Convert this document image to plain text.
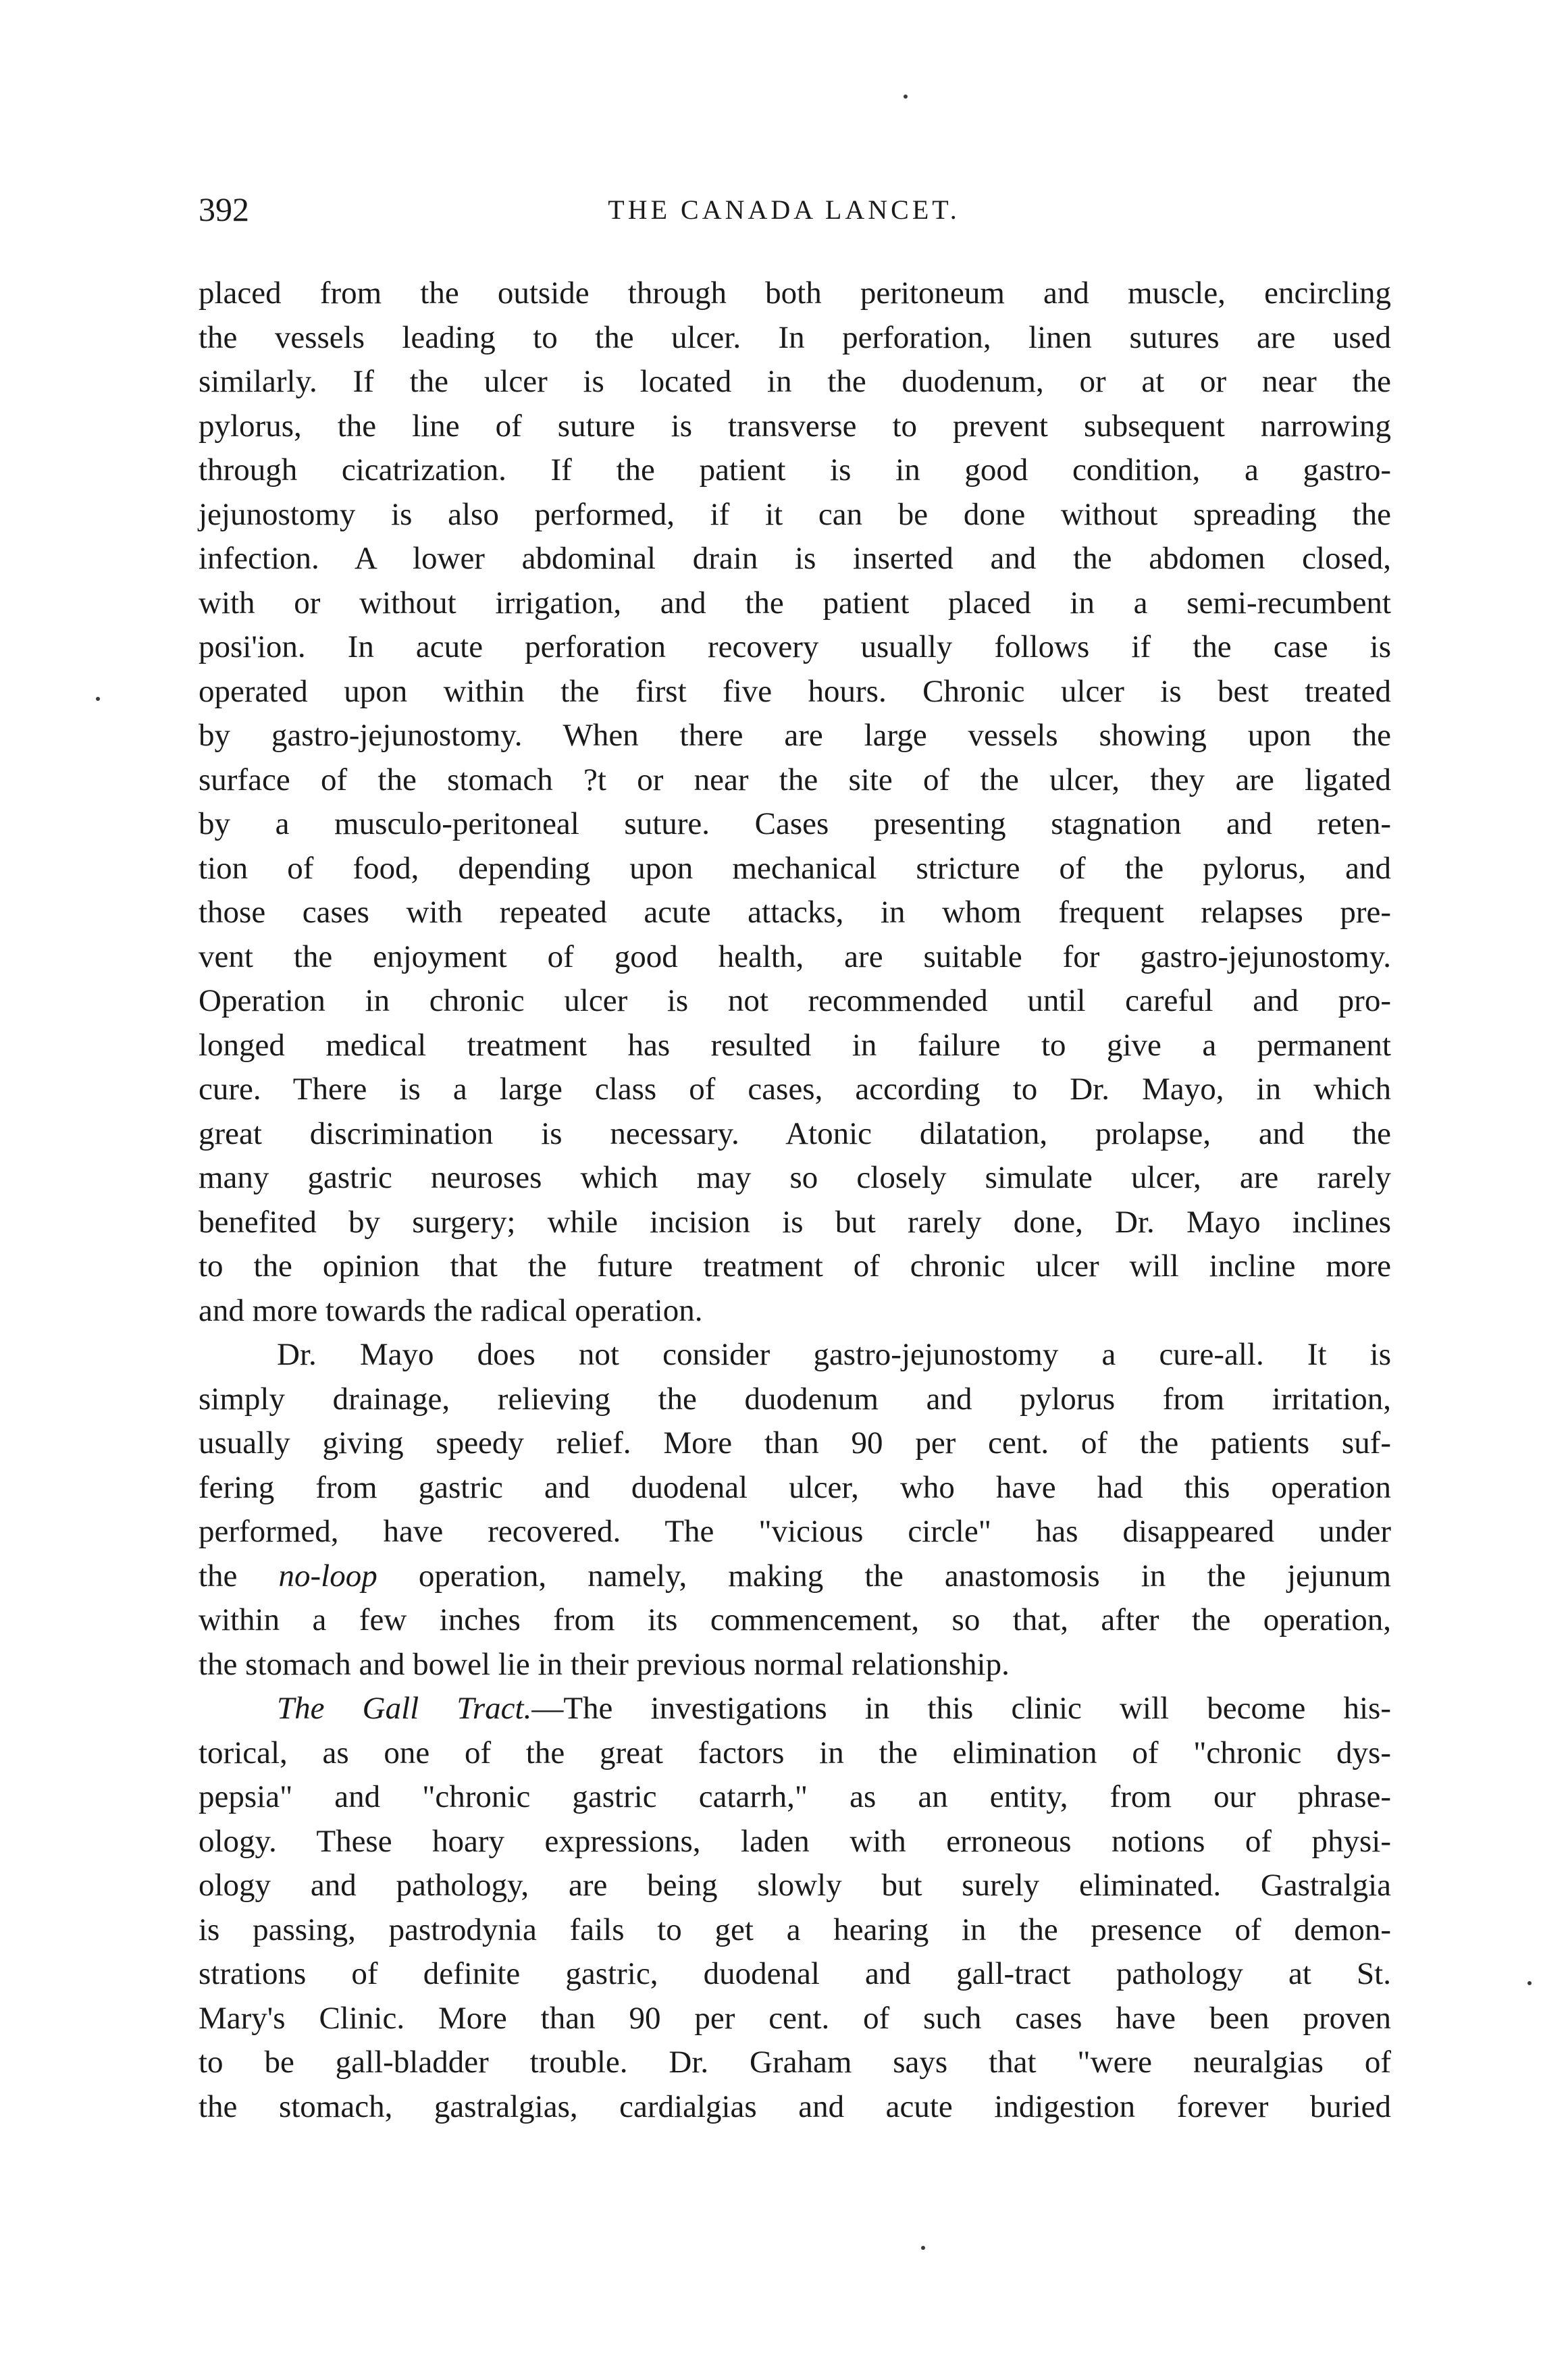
392	THE CANADA LANCET.
placed from the outside through both peritoneum and muscle, encircling
the vessels leading to the ulcer. In perforation, linen sutures are used
similarly. If the ulcer is located in the duodenum, or at or near the
pylorus, the line of suture is transverse to prevent subsequent narrowing
through cicatrization. If the patient is in good condition, a gastro-
jejunostomy is also performed, if it can be done without spreading the
infection. A lower abdominal drain is inserted and the abdomen closed,
with or without irrigation, and the patient placed in a semi-recumbent
posi'ion. In acute perforation recovery usually follows if the case is
operated upon within the first five hours. Chronic ulcer is best treated
by gastro-jejunostomy. When there are large vessels showing upon the
surface of the stomach ?t or near the site of the ulcer, they are ligated
by a musculo-peritoneal suture. Cases presenting stagnation and reten-
tion of food, depending upon mechanical stricture of the pylorus, and
those cases with repeated acute attacks, in whom frequent relapses pre-
vent the enjoyment of good health, are suitable for gastro-jejunostomy.
Operation in chronic ulcer is not recommended until careful and pro-
longed medical treatment has resulted in failure to give a permanent
cure. There is a large class of cases, according to Dr. Mayo, in which
great discrimination is necessary. Atonic dilatation, prolapse, and the
many gastric neuroses which may so closely simulate ulcer, are rarely
benefited by surgery; while incision is but rarely done, Dr. Mayo inclines
to the opinion that the future treatment of chronic ulcer will incline more
and more towards the radical operation.
Dr. Mayo does not consider gastro-jejunostomy a cure-all. It is
simply drainage, relieving the duodenum and pylorus from irritation,
usually giving speedy relief. More than 90 per cent. of the patients suf-
fering from gastric and duodenal ulcer, who have had this operation
performed, have recovered. The "vicious circle" has disappeared under
the no-loop operation, namely, making the anastomosis in the jejunum
within a few inches from its commencement, so that, after the operation,
the stomach and bowel lie in their previous normal relationship.
The Gall Tract.—The investigations in this clinic will become his-
torical, as one of the great factors in the elimination of "chronic dys-
pepsia" and "chronic gastric catarrh," as an entity, from our phrase-
ology. These hoary expressions, laden with erroneous notions of physi-
ology and pathology, are being slowly but surely eliminated. Gastralgia
is passing, pastrodynia fails to get a hearing in the presence of demon-
strations of definite gastric, duodenal and gall-tract pathology at St.
Mary's Clinic. More than 90 per cent. of such cases have been proven
to be gall-bladder trouble. Dr. Graham says that "were neuralgias of
the stomach, gastralgias, cardialgias and acute indigestion forever buried
